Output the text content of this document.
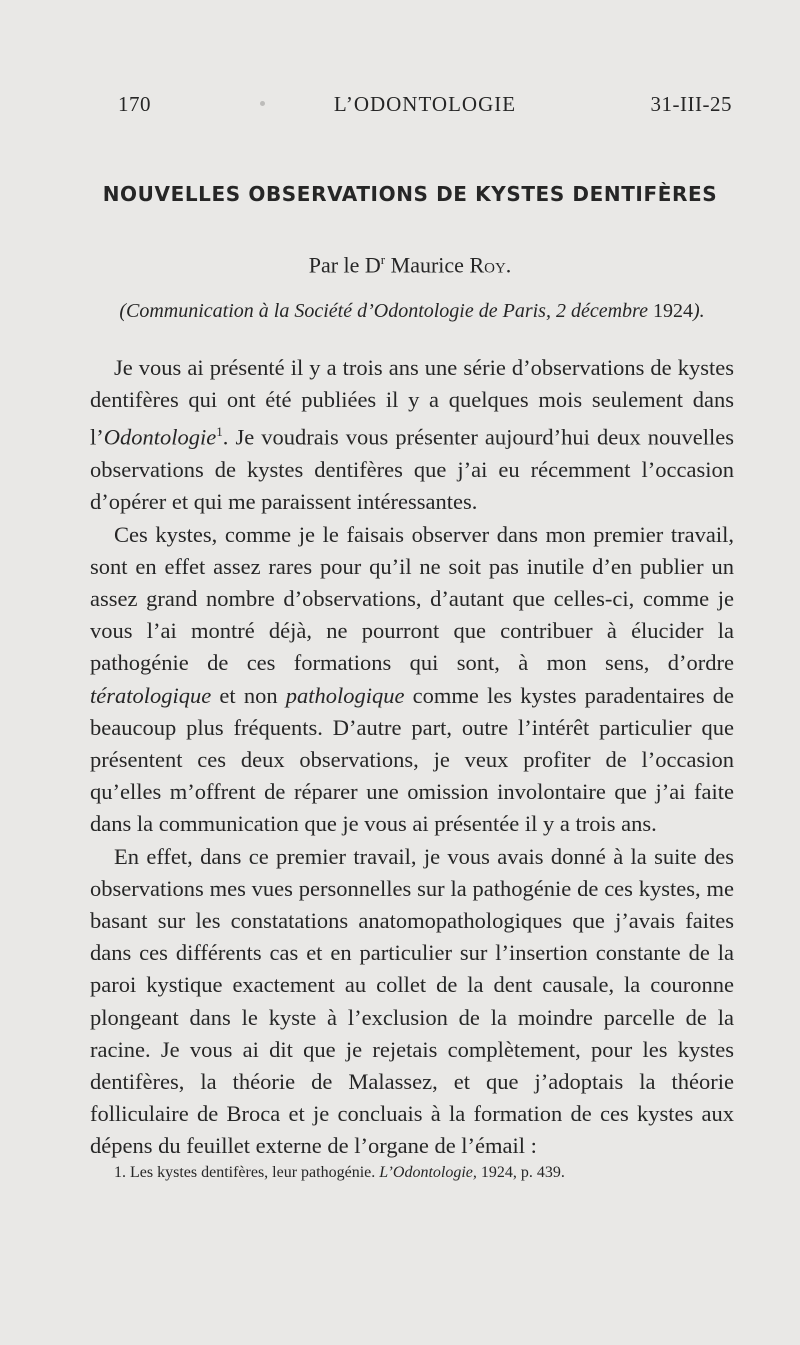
L’ODONTOLOGIE
170	31-III-25
NOUVELLES OBSERVATIONS DE KYSTES DENTIFÈRES
Par le $D^r$ Maurice Roy.
(Communication à la Société d’Odontologie de Paris, 2 décembre 1924).

Je vous ai présenté il y a trois ans une série d’observations de kystes dentifères qui ont été publiées il y a quelques mois seulement dans l’Odontologie$^1$. Je voudrais vous présenter aujourd’hui deux nouvelles observations de kystes dentifères que j’ai eu récemment l’occasion d’opérer et qui me paraissent intéressantes.

Ces kystes, comme je le faisais observer dans mon premier travail, sont en effet assez rares pour qu’il ne soit pas inutile d’en publier un assez grand nombre d’observations, d’autant que celles-ci, comme je vous l’ai montré déjà, ne pourront que contribuer à élucider la pathogénie de ces formations qui sont, à mon sens, d’ordre tératologique et non pathologique comme les kystes paradentaires de beaucoup plus fréquents. D’autre part, outre l’intérêt particulier que présentent ces deux observations, je veux profiter de l’occasion qu’elles m’offrent de réparer une omission involontaire que j’ai faite dans la communication que je vous ai présentée il y a trois ans.

En effet, dans ce premier travail, je vous avais donné à la suite des observations mes vues personnelles sur la pathogénie de ces kystes, me basant sur les constatations anatomopathologiques que j’avais faites dans ces différents cas et en particulier sur l’insertion constante de la paroi kystique exactement au collet de la dent causale, la couronne plongeant dans le kyste à l’exclusion de la moindre parcelle de la racine. Je vous ai dit que je rejetais complètement, pour les kystes dentifères, la théorie de Malassez, et que j’adoptais la théorie folliculaire de Broca et je concluais à la formation de ces kystes aux dépens du feuillet externe de l’organe de l’émail :

1. Les kystes dentifères, leur pathogénie. L’Odontologie, 1924, p. 439.
